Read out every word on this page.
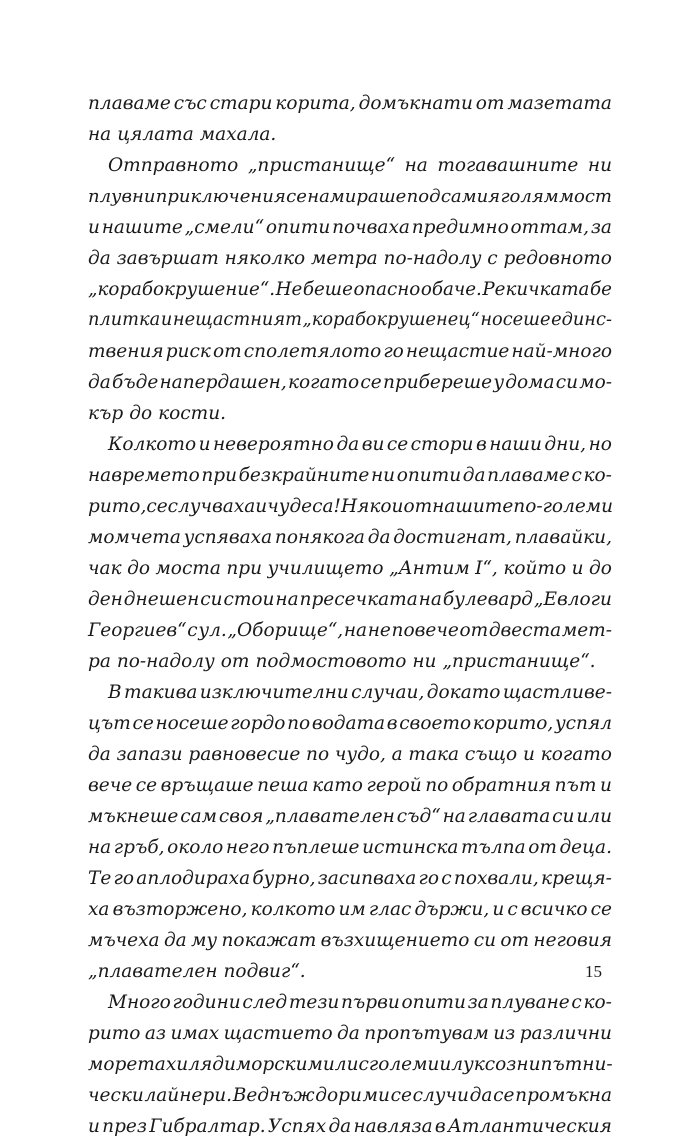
плаваме със стари корита, домъкнати от мазетата
на цялата махала.
Отправното „пристанище“ на тогавашните ни
плувни приключения се намираше под самия голям мост
и нашите „смели“ опити почваха предимно оттам, за
да завършат няколко метра по-надолу с редовното
„корабокрушение“. Не беше опасно обаче. Рекичката бе
плитка и нещастният „корабокрушенец“ носеше единс-
твения риск от сполетялото го нещастие най-много
да бъде напердашен, когато се прибереше у дома си мо-
кър до кости.
Колкото и невероятно да ви се стори в наши дни, но
навремето при безкрайните ни опити да плаваме с ко-
рито, се случваха и чудеса! Някои от нашите по-големи
момчета успяваха понякога да достигнат, плавайки,
чак до моста при училището „Антим I“, който и до
ден днешен си стои на пресечката на булевард „Евлоги
Георгиев“ с ул. „Оборище“, на не повече от двеста мет-
ра по-надолу от подмостовото ни „пристанище“.
В такива изключителни случаи, докато щастливе-
цът се носеше гордо по водата в своето корито, успял
да запази равновесие по чудо, а така също и когато
вече се връщаше пеша като герой по обратния път и
мъкнеше сам своя „плавателен съд“ на главата си или
на гръб, около него пъплеше истинска тълпа от деца.
Те го аплодираха бурно, засипваха го с похвали, крещя-
ха възторжено, колкото им глас държи, и с всичко се
мъчеха да му покажат възхищението си от неговия
„плавателен подвиг“.
Много години след тези първи опити за плуване с ко-
рито аз имах щастието да пропътувам из различни
морета хиляди морски мили с големи и луксозни пътни-
чески лайнери. Веднъж дори ми се случи да се промъкна
и през Гибралтар. Успях да навляза в Атлантическия
15
